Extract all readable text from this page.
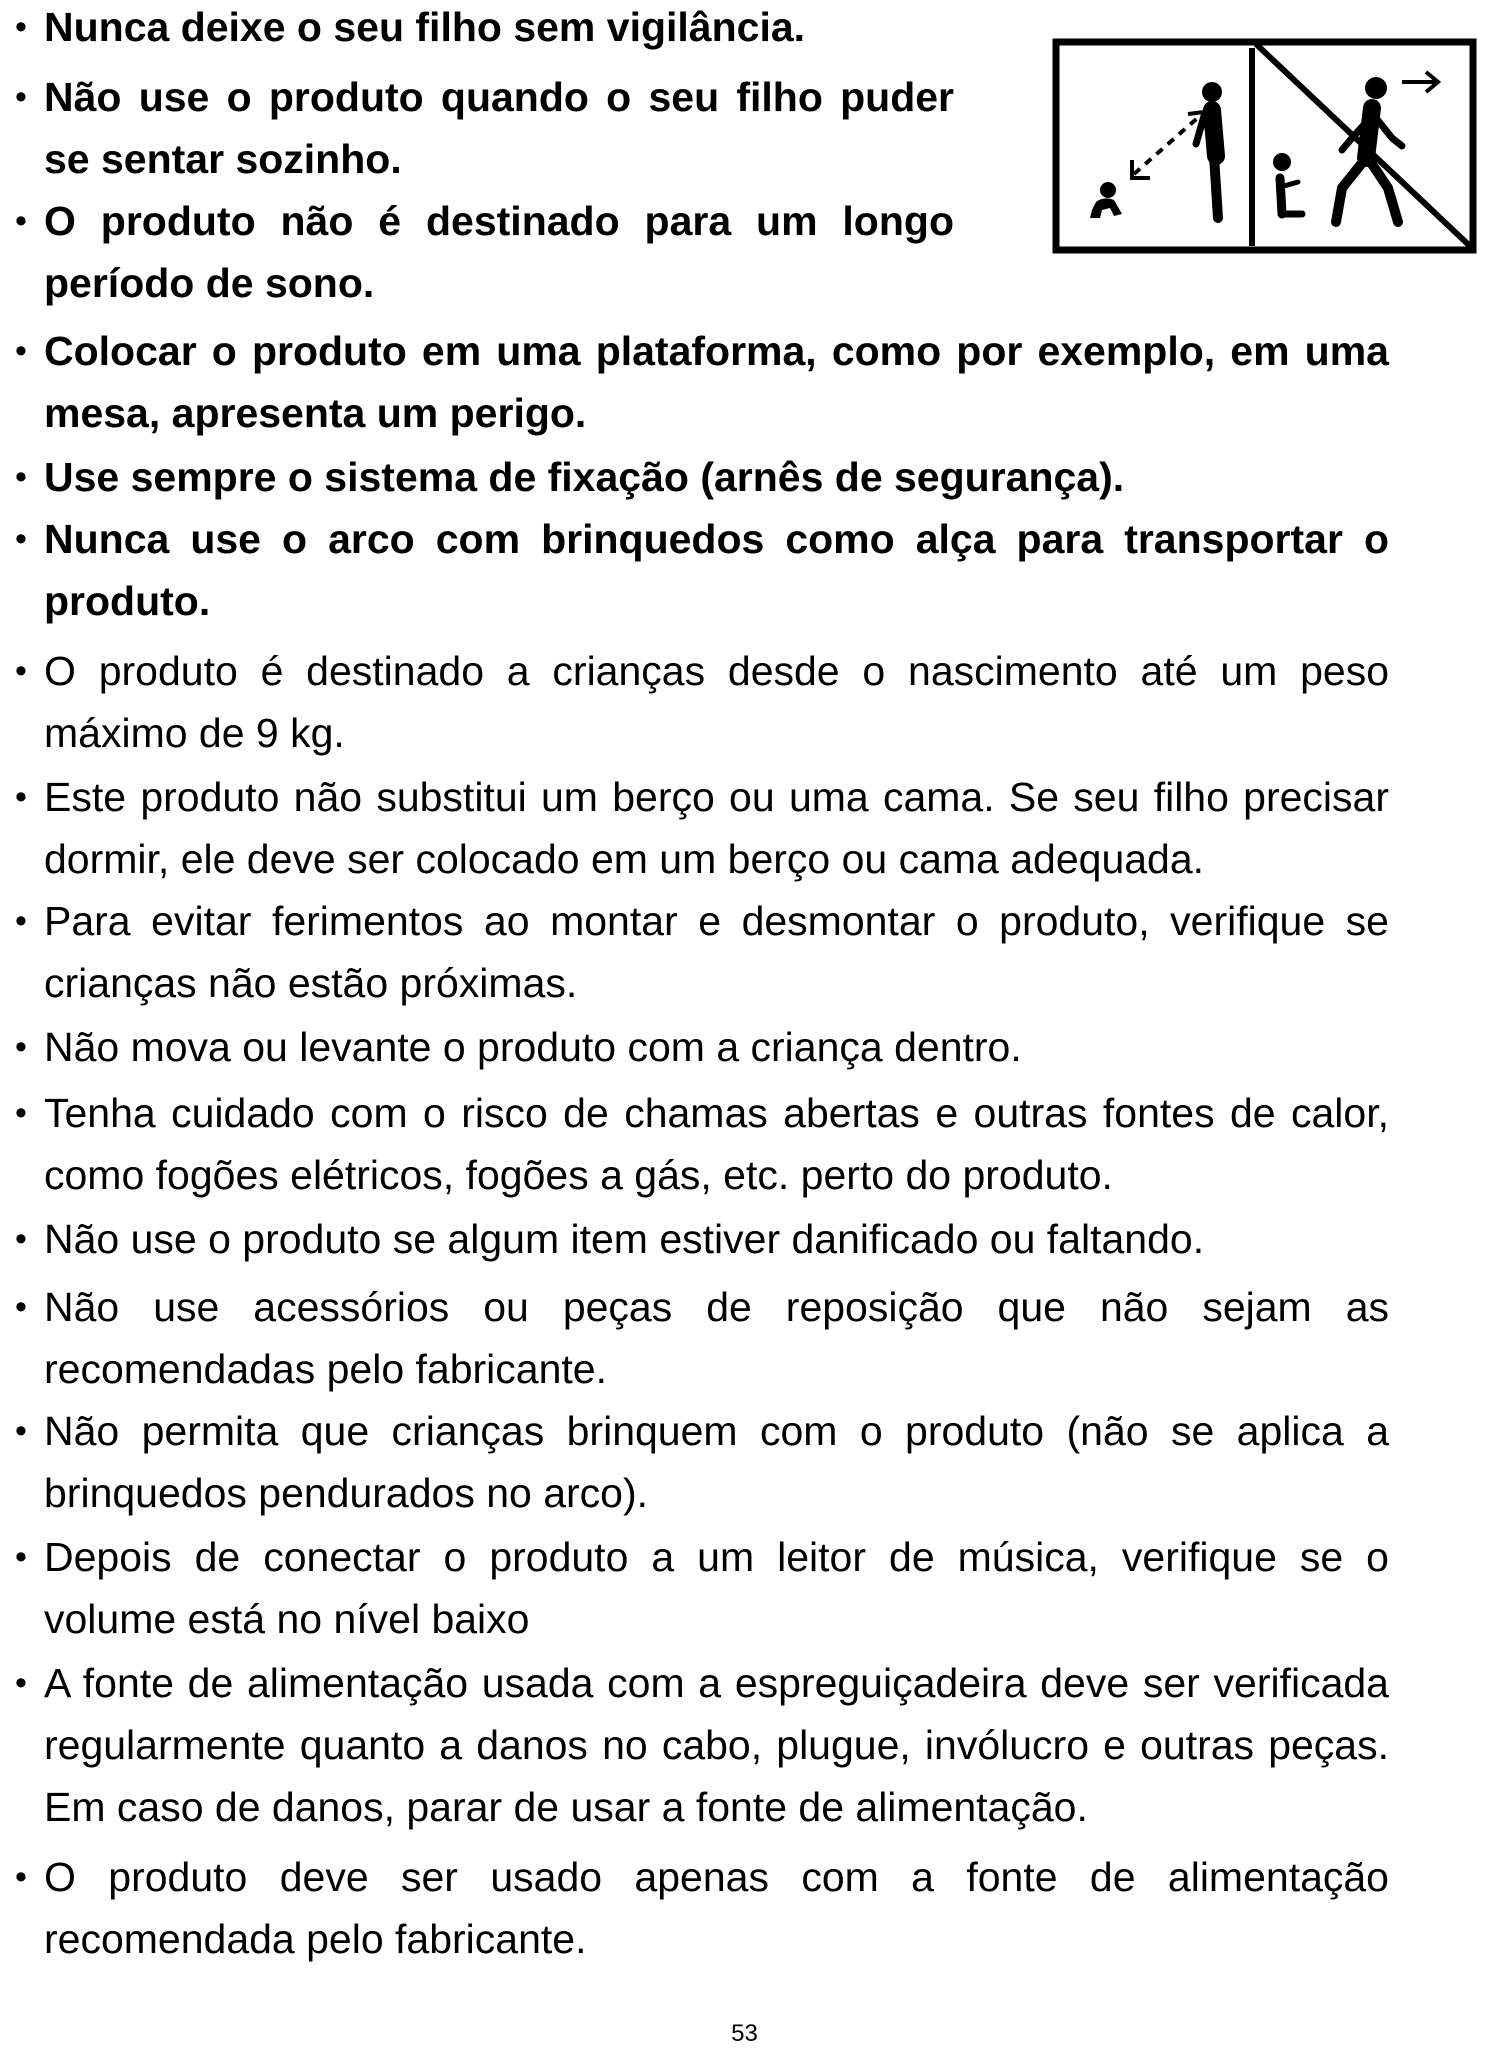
• Nunca deixe o seu filho sem vigilância.
• Não use o produto quando o seu filho puder se sentar sozinho.
• O produto não é destinado para um longo período de sono.
• Colocar o produto em uma plataforma, como por exemplo, em uma mesa, apresenta um perigo.
• Use sempre o sistema de fixação (arnês de segurança).
• Nunca use o arco com brinquedos como alça para transportar o produto.
• O produto é destinado a crianças desde o nascimento até um peso máximo de 9 kg.
• Este produto não substitui um berço ou uma cama. Se seu filho precisar dormir, ele deve ser colocado em um berço ou cama adequada.
• Para evitar ferimentos ao montar e desmontar o produto, verifique se crianças não estão próximas.
• Não mova ou levante o produto com a criança dentro.
• Tenha cuidado com o risco de chamas abertas e outras fontes de calor, como fogões elétricos, fogões a gás, etc. perto do produto.
• Não use o produto se algum item estiver danificado ou faltando.
• Não use acessórios ou peças de reposição que não sejam as recomendadas pelo fabricante.
• Não permita que crianças brinquem com o produto (não se aplica a brinquedos pendurados no arco).
• Depois de conectar o produto a um leitor de música, verifique se o volume está no nível baixo
• A fonte de alimentação usada com a espreguiçadeira deve ser verificada regularmente quanto a danos no cabo, plugue, invólucro e outras peças. Em caso de danos, parar de usar a fonte de alimentação.
• O produto deve ser usado apenas com a fonte de alimentação recomendada pelo fabricante.
53
